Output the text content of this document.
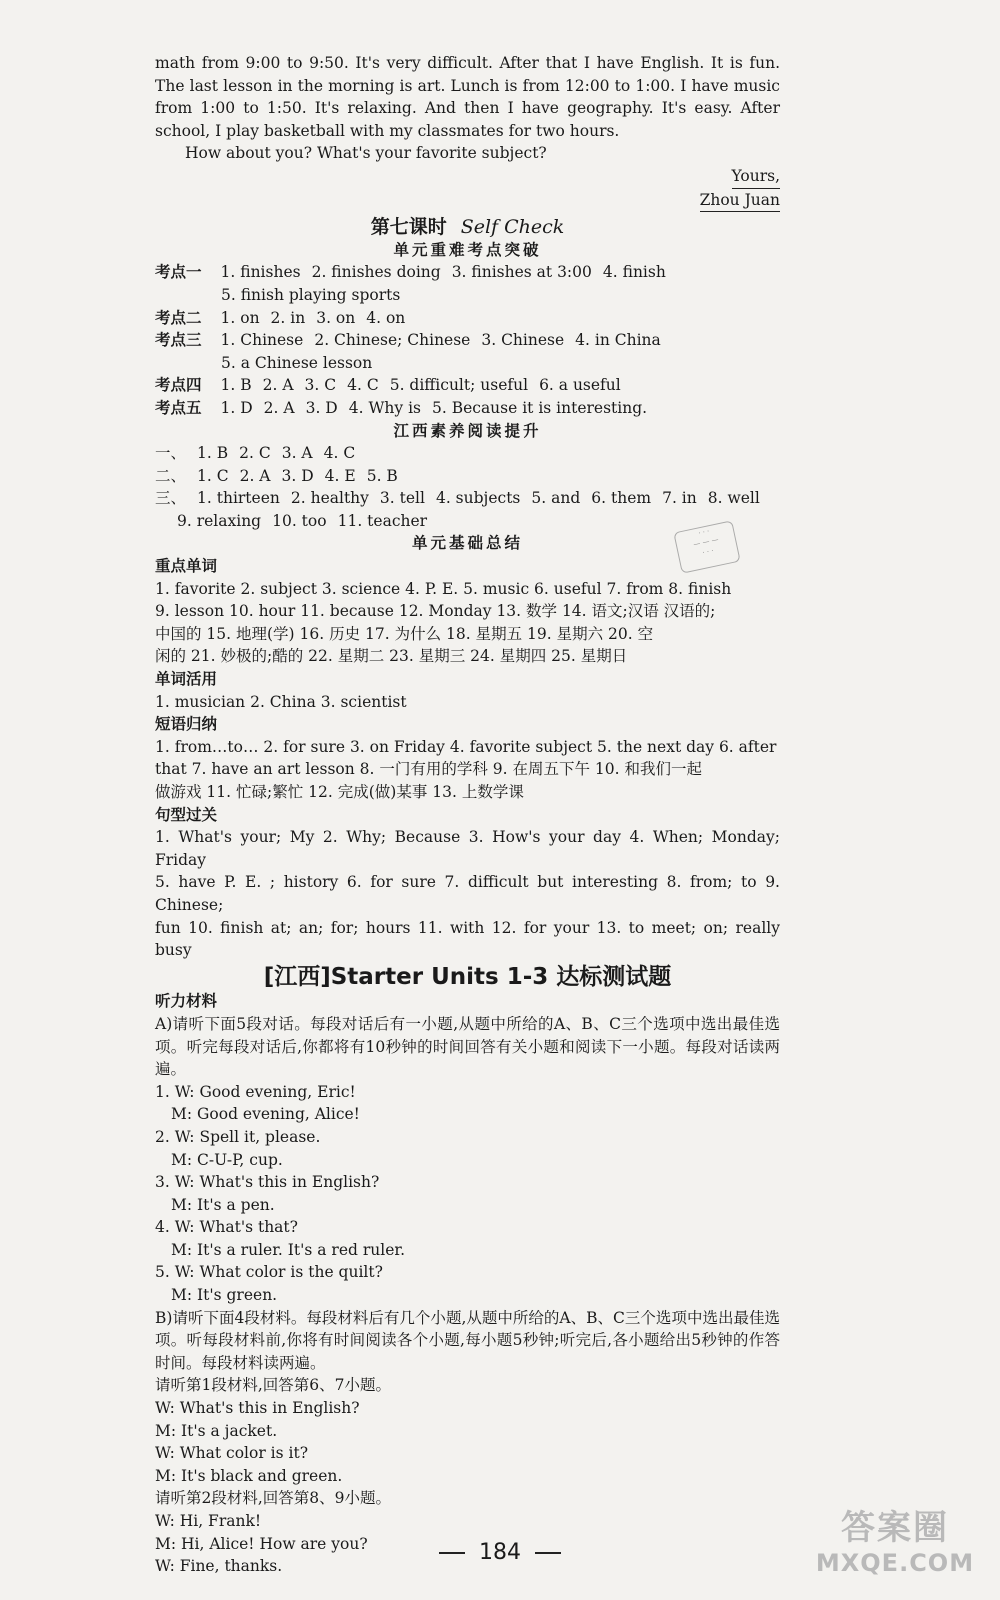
math from 9:00 to 9:50. It's very difficult. After that I have English. It is fun. The last lesson in the morning is art. Lunch is from 12:00 to 1:00. I have music from 1:00 to 1:50. It's relaxing. And then I have geography. It's easy. After school, I play basketball with my classmates for two hours.

How about you? What's your favorite subject?

Yours,
Zhou Juan
第七课时 Self Check
单元重难考点突破
考点一 1. finishes 2. finishes doing 3. finishes at 3:00 4. finish
5. finish playing sports
考点二 1. on 2. in 3. on 4. on
考点三 1. Chinese 2. Chinese; Chinese 3. Chinese 4. in China
5. a Chinese lesson
考点四 1. B 2. A 3. C 4. C 5. difficult; useful 6. a useful
考点五 1. D 2. A 3. D 4. Why is 5. Because it is interesting.
江西素养阅读提升
一、 1. B 2. C 3. A 4. C
二、 1. C 2. A 3. D 4. E 5. B
三、 1. thirteen 2. healthy 3. tell 4. subjects 5. and 6. them 7. in 8. well
9. relaxing 10. too 11. teacher
单元基础总结
重点单词
1. favorite 2. subject 3. science 4. P. E. 5. music 6. useful 7. from 8. finish
9. lesson 10. hour 11. because 12. Monday 13. 数学 14. 语文;汉语 汉语的;
中国的 15. 地理(学) 16. 历史 17. 为什么 18. 星期五 19. 星期六 20. 空
闲的 21. 妙极的;酷的 22. 星期二 23. 星期三 24. 星期四 25. 星期日
单词活用
1. musician 2. China 3. scientist
短语归纳
1. from…to… 2. for sure 3. on Friday 4. favorite subject 5. the next day 6. after
that 7. have an art lesson 8. 一门有用的学科 9. 在周五下午 10. 和我们一起
做游戏 11. 忙碌;繁忙 12. 完成(做)某事 13. 上数学课
句型过关
1. What's your; My 2. Why; Because 3. How's your day 4. When; Monday; Friday
5. have P. E. ; history 6. for sure 7. difficult but interesting 8. from; to 9. Chinese;
fun 10. finish at; an; for; hours 11. with 12. for your 13. to meet; on; really busy
[江西]Starter Units 1-3 达标测试题
听力材料

A)请听下面5段对话。每段对话后有一小题,从题中所给的A、B、C三个选项中选出最佳选项。听完每段对话后,你都将有10秒钟的时间回答有关小题和阅读下一小题。每段对话读两遍。

1. W: Good evening, Eric!
M: Good evening, Alice!
2. W: Spell it, please.
M: C-U-P, cup.
3. W: What's this in English?
M: It's a pen.
4. W: What's that?
M: It's a ruler. It's a red ruler.
5. W: What color is the quilt?
M: It's green.

B)请听下面4段材料。每段材料后有几个小题,从题中所给的A、B、C三个选项中选出最佳选项。听每段材料前,你将有时间阅读各个小题,每小题5秒钟;听完后,各小题给出5秒钟的作答时间。每段材料读两遍。

请听第1段材料,回答第6、7小题。
W: What's this in English?
M: It's a jacket.
W: What color is it?
M: It's black and green.
请听第2段材料,回答第8、9小题。
W: Hi, Frank!
M: Hi, Alice! How are you?
W: Fine, thanks.
· · ·
— — —
· · ·
184
答案圈
MXQE.COM
